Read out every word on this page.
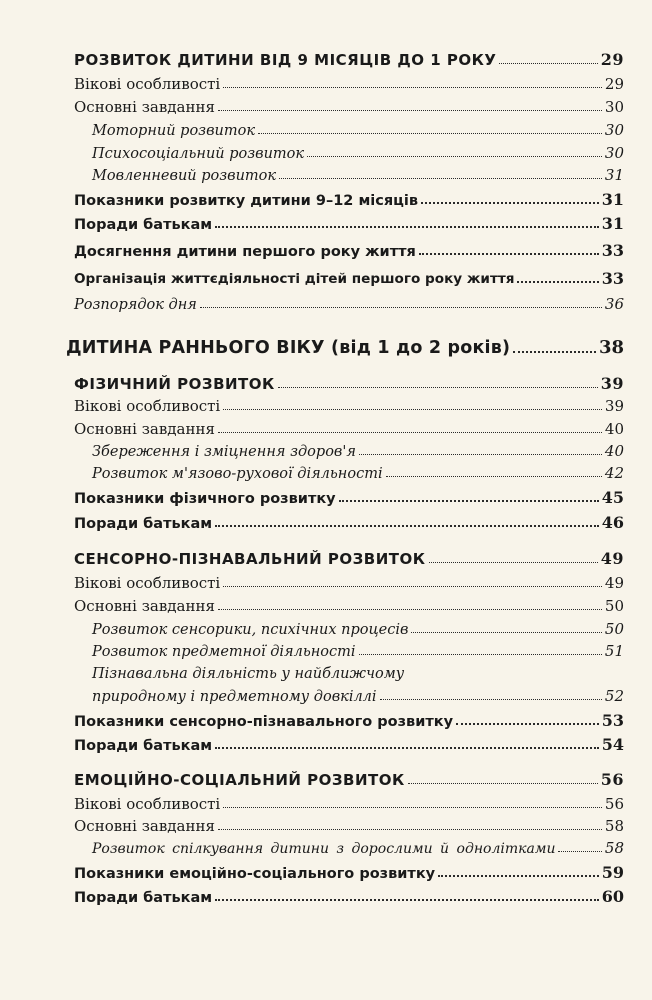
РОЗВИТОК ДИТИНИ ВІД 9 МІСЯЦІВ ДО 1 РОКУ	29
Вікові особливості	29
Основні завдання	30
Моторний розвиток	30
Психосоціальний розвиток	30
Мовленневий розвиток	31
Показники розвитку дитини 9–12 місяців	31
Поради батькам	31
Досягнення дитини першого року життя	33
Організація життєдіяльності дітей першого року життя	33
Розпорядок дня	36
ДИТИНА РАННЬОГО ВІКУ (від 1 до 2 років)	38
ФІЗИЧНИЙ РОЗВИТОК	39
Вікові особливості	39
Основні завдання	40
Збереження і зміцнення здоров'я	40
Розвиток м'язово-рухової діяльності	42
Показники фізичного розвитку	45
Поради батькам	46
СЕНСОРНО-ПІЗНАВАЛЬНИЙ РОЗВИТОК	49
Вікові особливості	49
Основні завдання	50
Розвиток сенсорики, психічних процесів	50
Розвиток предметної діяльності	51
Пізнавальна діяльність у найближчому
природному і предметному довкіллі	52
Показники сенсорно-пізнавального розвитку	53
Поради батькам	54
ЕМОЦІЙНО-СОЦІАЛЬНИЙ РОЗВИТОК	56
Вікові особливості	56
Основні завдання	58
Розвиток спілкування дитини з дорослими й однолітками	58
Показники емоційно-соціального розвитку	59
Поради батькам	60
